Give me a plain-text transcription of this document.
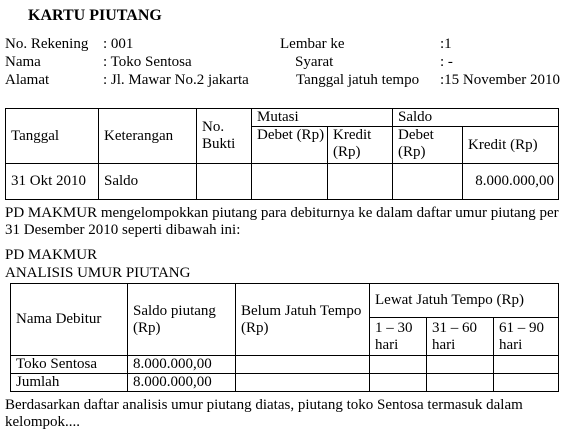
KARTU PIUTANG
No. Rekening : 001	Lembar ke	:1
Nama	: Toko Sentosa	Syarat	: -
Alamat	: Jl. Mawar No.2 jakarta	Tanggal jatuh tempo :15 November 2010
Tanggal	Keterangan	No. Bukti	Mutasi		Saldo	
			Debet (Rp)	Kredit (Rp)	Debet (Rp)	Kredit (Rp)
31 Okt 2010	Saldo					8.000.000,00
PD MAKMUR mengelompokkan piutang para debiturnya ke dalam daftar umur piutang per 31 Desember 2010 seperti dibawah ini:
PD MAKMUR
ANALISIS UMUR PIUTANG
Nama Debitur	Saldo piutang (Rp)	Belum Jatuh Tempo (Rp)	Lewat Jatuh Tempo (Rp)		
			1 – 30 hari	31 – 60 hari	61 – 90 hari
Toko Sentosa	8.000.000,00				
Jumlah	8.000.000,00				
Berdasarkan daftar analisis umur piutang diatas, piutang toko Sentosa termasuk dalam kelompok....
